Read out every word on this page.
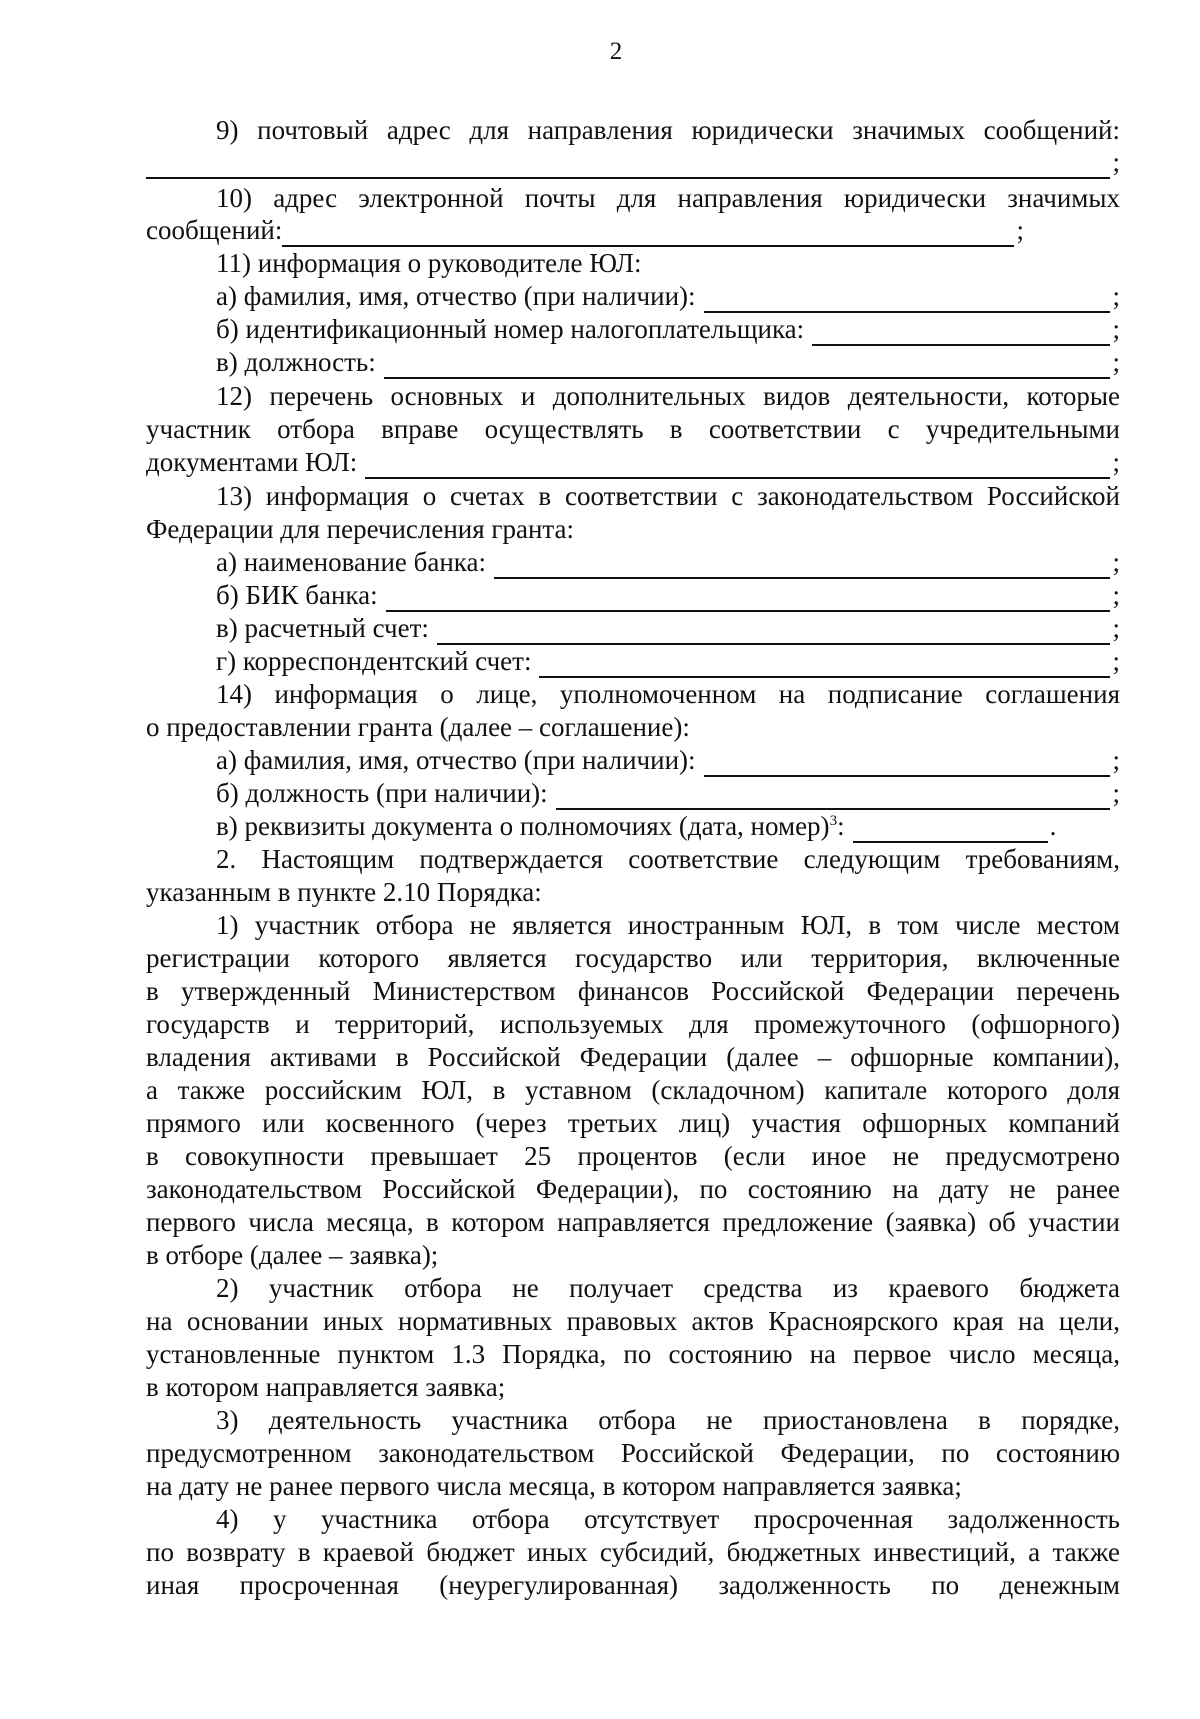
2
9) почтовый адрес для направления юридически значимых сообщений:
;
10) адрес электронной почты для направления юридически значимых
сообщений:	;
11) информация о руководителе ЮЛ:
а) фамилия, имя, отчество (при наличии):	;
б) идентификационный номер налогоплательщика:	;
в) должность:	;
12) перечень основных и дополнительных видов деятельности, которые
участник отбора вправе осуществлять в соответствии с учредительными
документами ЮЛ:	;
13) информация о счетах в соответствии с законодательством Российской
Федерации для перечисления гранта:
а) наименование банка:	;
б) БИК банка:	;
в) расчетный счет:	;
г) корреспондентский счет:	;
14) информация о лице, уполномоченном на подписание соглашения
о предоставлении гранта (далее – соглашение):
а) фамилия, имя, отчество (при наличии):	;
б) должность (при наличии):	;
в) реквизиты документа о полномочиях (дата, номер)$^3$:	.
2. Настоящим подтверждается соответствие следующим требованиям,
указанным в пункте 2.10 Порядка:
1) участник отбора не является иностранным ЮЛ, в том числе местом
регистрации которого является государство или территория, включенные
в утвержденный Министерством финансов Российской Федерации перечень
государств и территорий, используемых для промежуточного (офшорного)
владения активами в Российской Федерации (далее – офшорные компании),
а также российским ЮЛ, в уставном (складочном) капитале которого доля
прямого или косвенного (через третьих лиц) участия офшорных компаний
в совокупности превышает 25 процентов (если иное не предусмотрено
законодательством Российской Федерации), по состоянию на дату не ранее
первого числа месяца, в котором направляется предложение (заявка) об участии
в отборе (далее – заявка);
2) участник отбора не получает средства из краевого бюджета
на основании иных нормативных правовых актов Красноярского края на цели,
установленные пунктом 1.3 Порядка, по состоянию на первое число месяца,
в котором направляется заявка;
3) деятельность участника отбора не приостановлена в порядке,
предусмотренном законодательством Российской Федерации, по состоянию
на дату не ранее первого числа месяца, в котором направляется заявка;
4) у участника отбора отсутствует просроченная задолженность
по возврату в краевой бюджет иных субсидий, бюджетных инвестиций, а также
иная просроченная (неурегулированная) задолженность по денежным
